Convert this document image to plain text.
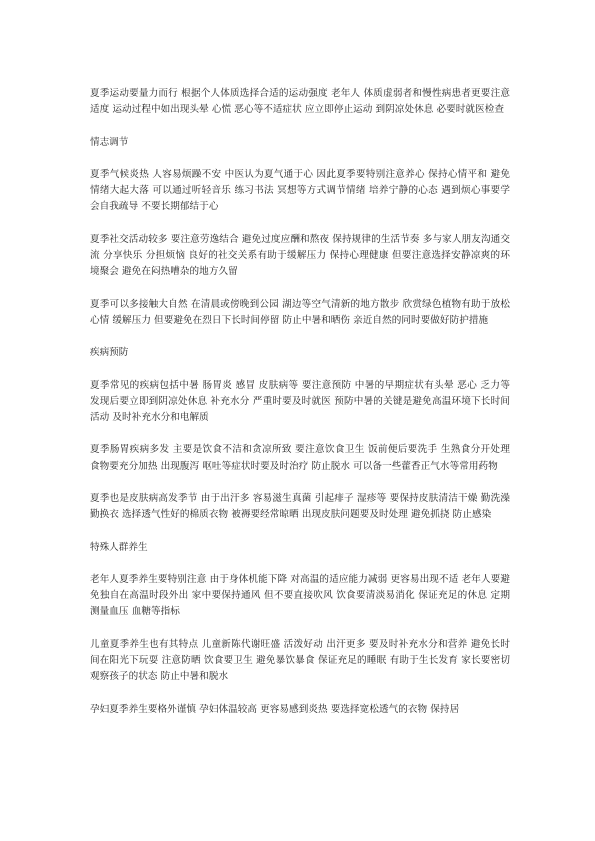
夏季运动要量力而行 根据个人体质选择合适的运动强度 老年人 体质虚弱者和慢性病患者更要注意适度 运动过程中如出现头晕 心慌 恶心等不适症状 应立即停止运动 到阴凉处休息 必要时就医检查

情志调节

夏季气候炎热 人容易烦躁不安 中医认为夏气通于心 因此夏季要特别注意养心 保持心情平和 避免情绪大起大落 可以通过听轻音乐 练习书法 冥想等方式调节情绪 培养宁静的心态 遇到烦心事要学会自我疏导 不要长期郁结于心

夏季社交活动较多 要注意劳逸结合 避免过度应酬和熬夜 保持规律的生活节奏 多与家人朋友沟通交流 分享快乐 分担烦恼 良好的社交关系有助于缓解压力 保持心理健康 但要注意选择安静凉爽的环境聚会 避免在闷热嘈杂的地方久留

夏季可以多接触大自然 在清晨或傍晚到公园 湖边等空气清新的地方散步 欣赏绿色植物有助于放松心情 缓解压力 但要避免在烈日下长时间停留 防止中暑和晒伤 亲近自然的同时要做好防护措施

疾病预防

夏季常见的疾病包括中暑 肠胃炎 感冒 皮肤病等 要注意预防 中暑的早期症状有头晕 恶心 乏力等 发现后要立即到阴凉处休息 补充水分 严重时要及时就医 预防中暑的关键是避免高温环境下长时间活动 及时补充水分和电解质

夏季肠胃疾病多发 主要是饮食不洁和贪凉所致 要注意饮食卫生 饭前便后要洗手 生熟食分开处理 食物要充分加热 出现腹泻 呕吐等症状时要及时治疗 防止脱水 可以备一些藿香正气水等常用药物

夏季也是皮肤病高发季节 由于出汗多 容易滋生真菌 引起痱子 湿疹等 要保持皮肤清洁干燥 勤洗澡 勤换衣 选择透气性好的棉质衣物 被褥要经常晾晒 出现皮肤问题要及时处理 避免抓挠 防止感染

特殊人群养生

老年人夏季养生要特别注意 由于身体机能下降 对高温的适应能力减弱 更容易出现不适 老年人要避免独自在高温时段外出 家中要保持通风 但不要直接吹风 饮食要清淡易消化 保证充足的休息 定期测量血压 血糖等指标

儿童夏季养生也有其特点 儿童新陈代谢旺盛 活泼好动 出汗更多 要及时补充水分和营养 避免长时间在阳光下玩耍 注意防晒 饮食要卫生 避免暴饮暴食 保证充足的睡眠 有助于生长发育 家长要密切观察孩子的状态 防止中暑和脱水

孕妇夏季养生要格外谨慎 孕妇体温较高 更容易感到炎热 要选择宽松透气的衣物 保持居
